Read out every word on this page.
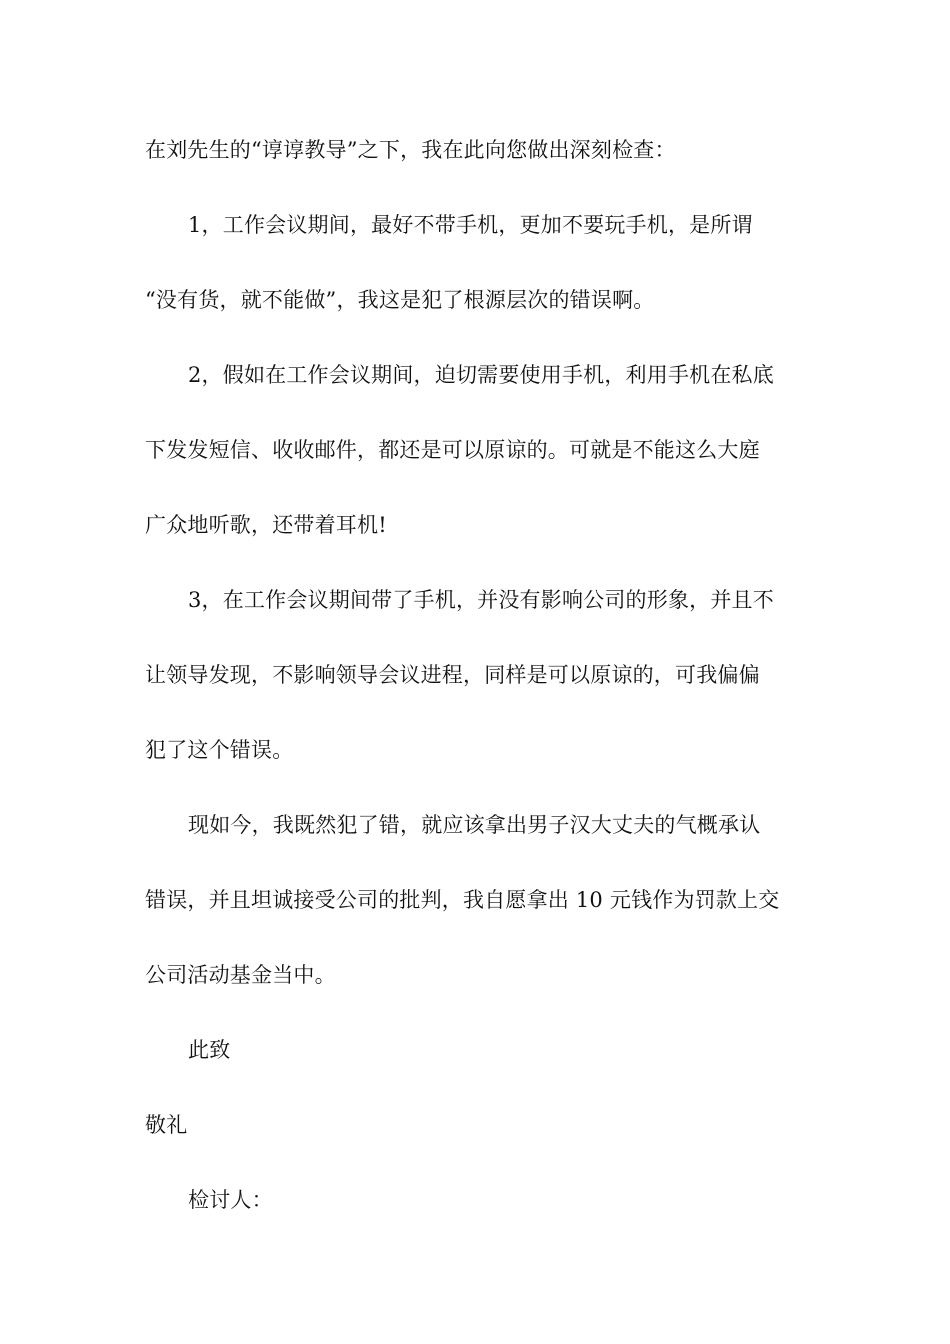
在刘先生的“谆谆教导”之下，我在此向您做出深刻检查：
1，工作会议期间，最好不带手机，更加不要玩手机，是所谓
“没有货，就不能做”，我这是犯了根源层次的错误啊。
2，假如在工作会议期间，迫切需要使用手机，利用手机在私底
下发发短信、收收邮件，都还是可以原谅的。可就是不能这么大庭
广众地听歌，还带着耳机!
3，在工作会议期间带了手机，并没有影响公司的形象，并且不
让领导发现，不影响领导会议进程，同样是可以原谅的，可我偏偏
犯了这个错误。
现如今，我既然犯了错，就应该拿出男子汉大丈夫的气概承认
错误，并且坦诚接受公司的批判，我自愿拿出 10 元钱作为罚款上交
公司活动基金当中。
此致
敬礼
检讨人：
